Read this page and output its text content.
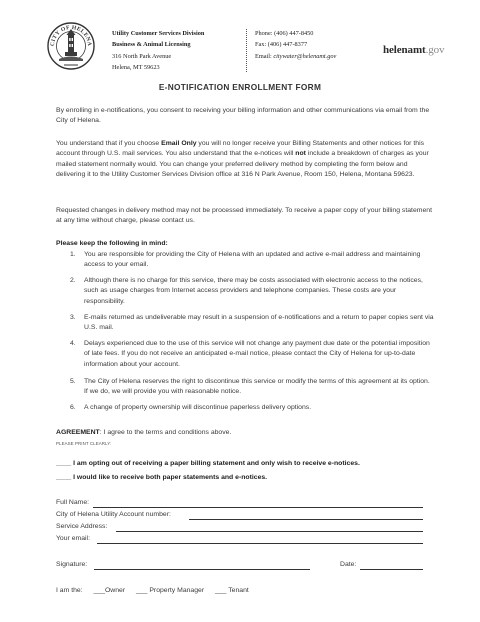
CITY OF HELENA
Utility Customer Services Division
Business & Animal Licensing
316 North Park Avenue
Helena, MT 59623
Phone: (406) 447-8450
Fax: (406) 447-8377
Email: citywater@helenamt.gov
helenamt.gov
E-NOTIFICATION ENROLLMENT FORM
By enrolling in e-notifications, you consent to receiving your billing information and other communications via email from the City of Helena.
You understand that if you choose Email Only you will no longer receive your Billing Statements and other notices for this account through U.S. mail services. You also understand that the e-notices will not include a breakdown of charges as your mailed statement normally would. You can change your preferred delivery method by completing the form below and delivering it to the Utility Customer Services Division office at 316 N Park Avenue, Room 150, Helena, Montana 59623.
Requested changes in delivery method may not be processed immediately. To receive a paper copy of your billing statement at any time without charge, please contact us.
Please keep the following in mind:
1.	You are responsible for providing the City of Helena with an updated and active e-mail address and maintaining access to your email.
2.	Although there is no charge for this service, there may be costs associated with electronic access to the notices, such as usage charges from Internet access providers and telephone companies. These costs are your responsibility.
3.	E-mails returned as undeliverable may result in a suspension of e-notifications and a return to paper copies sent via U.S. mail.
4.	Delays experienced due to the use of this service will not change any payment due date or the potential imposition of late fees. If you do not receive an anticipated e-mail notice, please contact the City of Helena for up-to-date information about your account.
5.	The City of Helena reserves the right to discontinue this service or modify the terms of this agreement at its option. If we do, we will provide you with reasonable notice.
6.	A change of property ownership will discontinue paperless delivery options.
AGREEMENT: I agree to the terms and conditions above.
PLEASE PRINT CLEARLY:
____ I am opting out of receiving a paper billing statement and only wish to receive e-notices.
____ I would like to receive both paper statements and e-notices.
Full Name:
City of Helena Utility Account number:
Service Address:
Your email:
Signature:	Date:
I am the: ___Owner ___ Property Manager ___ Tenant
